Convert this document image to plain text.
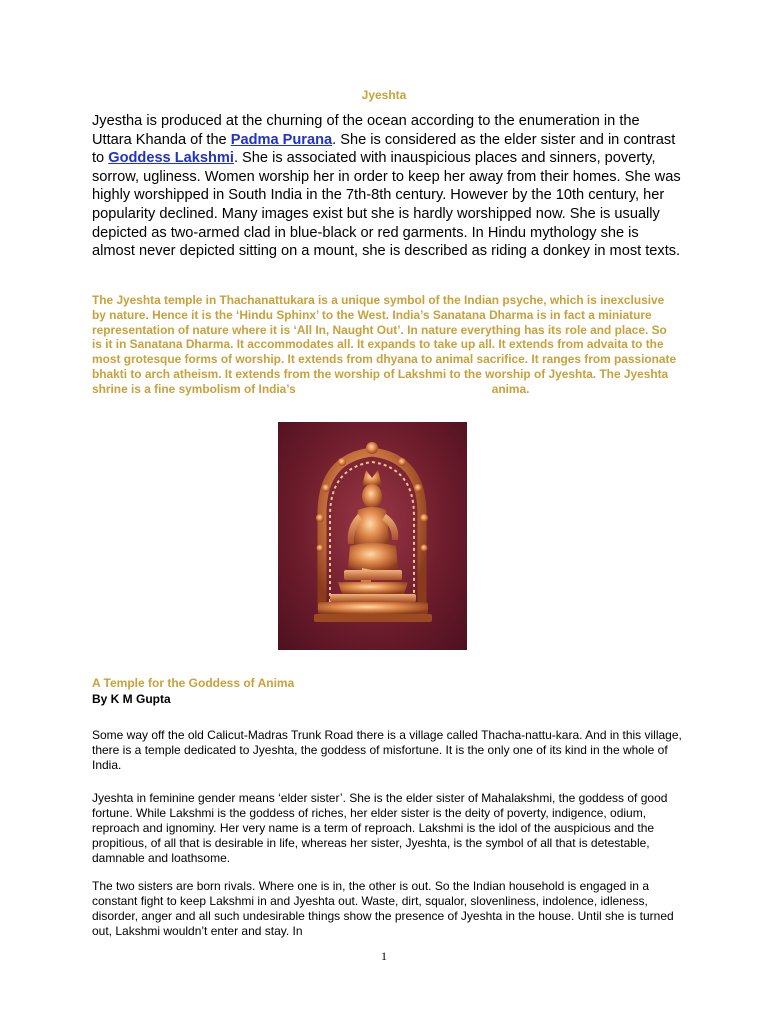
Jyeshta

Jyestha is produced at the churning of the ocean according to the enumeration in the Uttara Khanda of the Padma Purana. She is considered as the elder sister and in contrast to Goddess Lakshmi. She is associated with inauspicious places and sinners, poverty, sorrow, ugliness. Women worship her in order to keep her away from their homes. She was highly worshipped in South India in the 7th-8th century. However by the 10th century, her popularity declined. Many images exist but she is hardly worshipped now. She is usually depicted as two-armed clad in blue-black or red garments. In Hindu mythology she is almost never depicted sitting on a mount, she is described as riding a donkey in most texts.

The Jyeshta temple in Thachanattukara is a unique symbol of the Indian psyche, which is inexclusive by nature. Hence it is the ‘Hindu Sphinx’ to the West. India’s Sanatana Dharma is in fact a miniature representation of nature where it is ‘All In, Naught Out’. In nature everything has its role and place. So is it in Sanatana Dharma. It accommodates all. It expands to take up all. It extends from advaita to the most grotesque forms of worship. It extends from dhyana to animal sacrifice. It ranges from passionate bhakti to arch atheism. It extends from the worship of Lakshmi to the worship of Jyeshta. The Jyeshta shrine is a fine symbolism of India’s	anima.

A Temple for the Goddess of Anima
By K M Gupta

Some way off the old Calicut-Madras Trunk Road there is a village called Thacha-nattu-kara. And in this village, there is a temple dedicated to Jyeshta, the goddess of misfortune. It is the only one of its kind in the whole of India.

Jyeshta in feminine gender means ‘elder sister’. She is the elder sister of Mahalakshmi, the goddess of good fortune. While Lakshmi is the goddess of riches, her elder sister is the deity of poverty, indigence, odium, reproach and ignominy. Her very name is a term of reproach. Lakshmi is the idol of the auspicious and the propitious, of all that is desirable in life, whereas her sister, Jyeshta, is the symbol of all that is detestable, damnable and loathsome.

The two sisters are born rivals. Where one is in, the other is out. So the Indian household is engaged in a constant fight to keep Lakshmi in and Jyeshta out. Waste, dirt, squalor, slovenliness, indolence, idleness, disorder, anger and all such undesirable things show the presence of Jyeshta in the house. Until she is turned out, Lakshmi wouldn’t enter and stay. In

1
